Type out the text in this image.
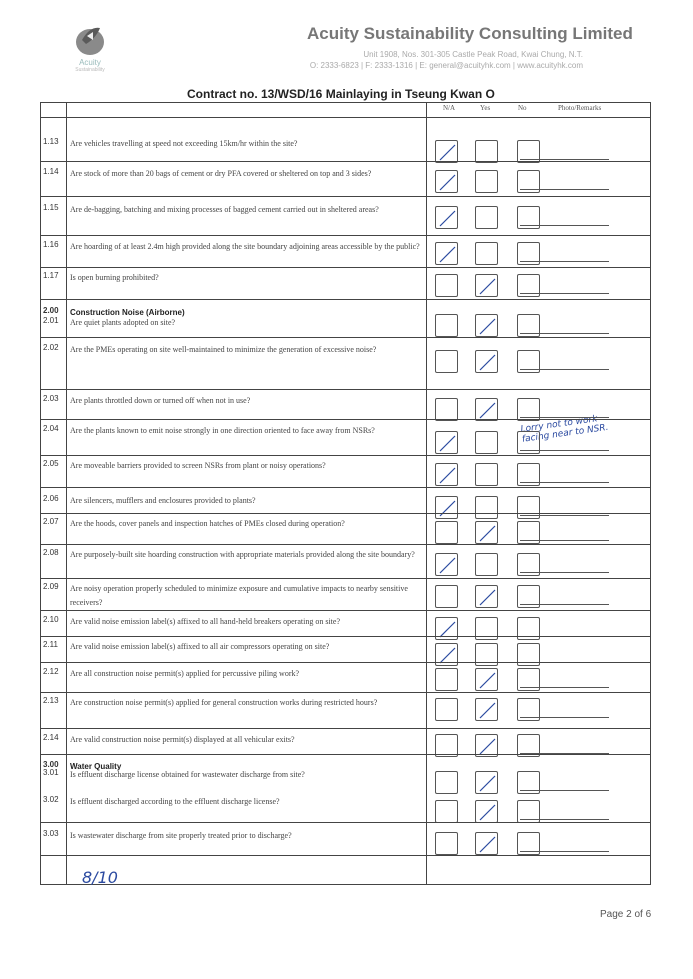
Acuity
Sustainability
Acuity Sustainability Consulting Limited
Unit 1908, Nos. 301-305 Castle Peak Road, Kwai Chung, N.T.
O: 2333-6823 | F: 2333-1316 | E: general@acuityhk.com | www.acuityhk.com
Contract no. 13/WSD/16 Mainlaying in Tseung Kwan O
N/A	Yes	No	Photo/Remarks
1.13 Are vehicles travelling at speed not exceeding 15km/hr within the site?
1.14 Are stock of more than 20 bags of cement or dry PFA covered or sheltered on top and 3 sides?
1.15 Are de-bagging, batching and mixing processes of bagged cement carried out in sheltered areas?
1.16 Are hoarding of at least 2.4m high provided along the site boundary adjoining areas accessible by the public?
1.17 Is open burning prohibited?
2.00 Construction Noise (Airborne)
2.01 Are quiet plants adopted on site?
2.02 Are the PMEs operating on site well-maintained to minimize the generation of excessive noise?
2.03 Are plants throttled down or turned off when not in use?
2.04 Are the plants known to emit noise strongly in one direction oriented to face away from NSRs?
2.05 Are moveable barriers provided to screen NSRs from plant or noisy operations?
2.06 Are silencers, mufflers and enclosures provided to plants?
2.07 Are the hoods, cover panels and inspection hatches of PMEs closed during operation?
2.08 Are purposely-built site hoarding construction with appropriate materials provided along the site boundary?
2.09 Are noisy operation properly scheduled to minimize exposure and cumulative impacts to nearby sensitive receivers?
2.10 Are valid noise emission label(s) affixed to all hand-held breakers operating on site?
2.11 Are valid noise emission label(s) affixed to all air compressors operating on site?
2.12 Are all construction noise permit(s) applied for percussive piling work?
2.13 Are construction noise permit(s) applied for general construction works during restricted hours?
2.14 Are valid construction noise permit(s) displayed at all vehicular exits?
3.00 Water Quality
3.01 Is effluent discharge license obtained for wastewater discharge from site?
3.02 Is effluent discharged according to the effluent discharge license?
3.03 Is wastewater discharge from site properly treated prior to discharge?
Lorry not to work facing near to NSR.
8/10
Page 2 of 6
